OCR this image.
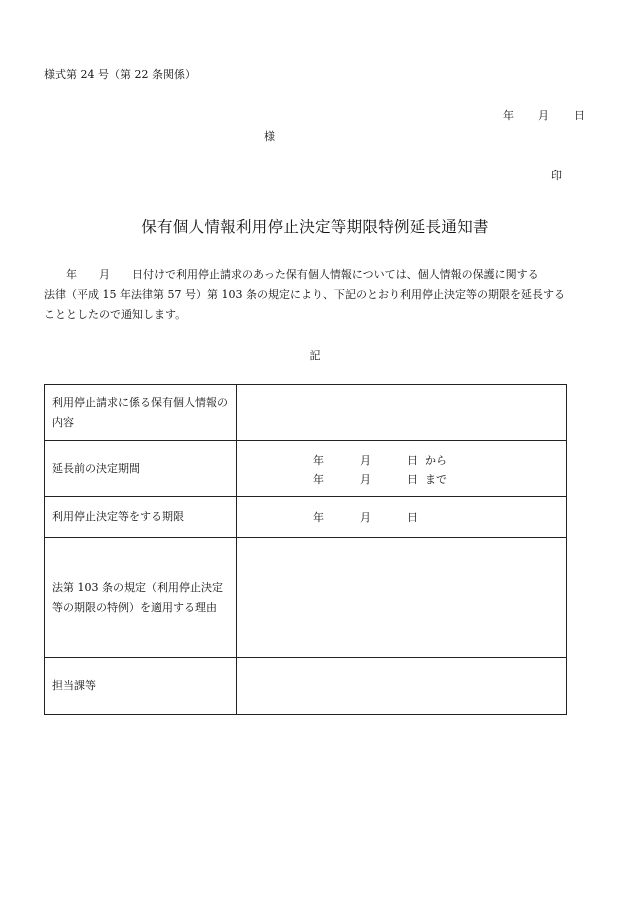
様式第 24 号（第 22 条関係）
年 月 日
様
印
保有個人情報利用停止決定等期限特例延長通知書
　　年　　月　　日付けで利用停止請求のあった保有個人情報については、個人情報の保護に関する
法律（平成 15 年法律第 57 号）第 103 条の規定により、下記のとおり利用停止決定等の期限を延長する
こととしたので通知します。
記
利用停止請求に係る保有個人情報の内容	
延長前の決定期間	年 月 日 から
年 月 日 まで

利用停止決定等をする期限	年 月 日

法第 103 条の規定（利用停止決定等の期限の特例）を適用する理由	
担当課等	
